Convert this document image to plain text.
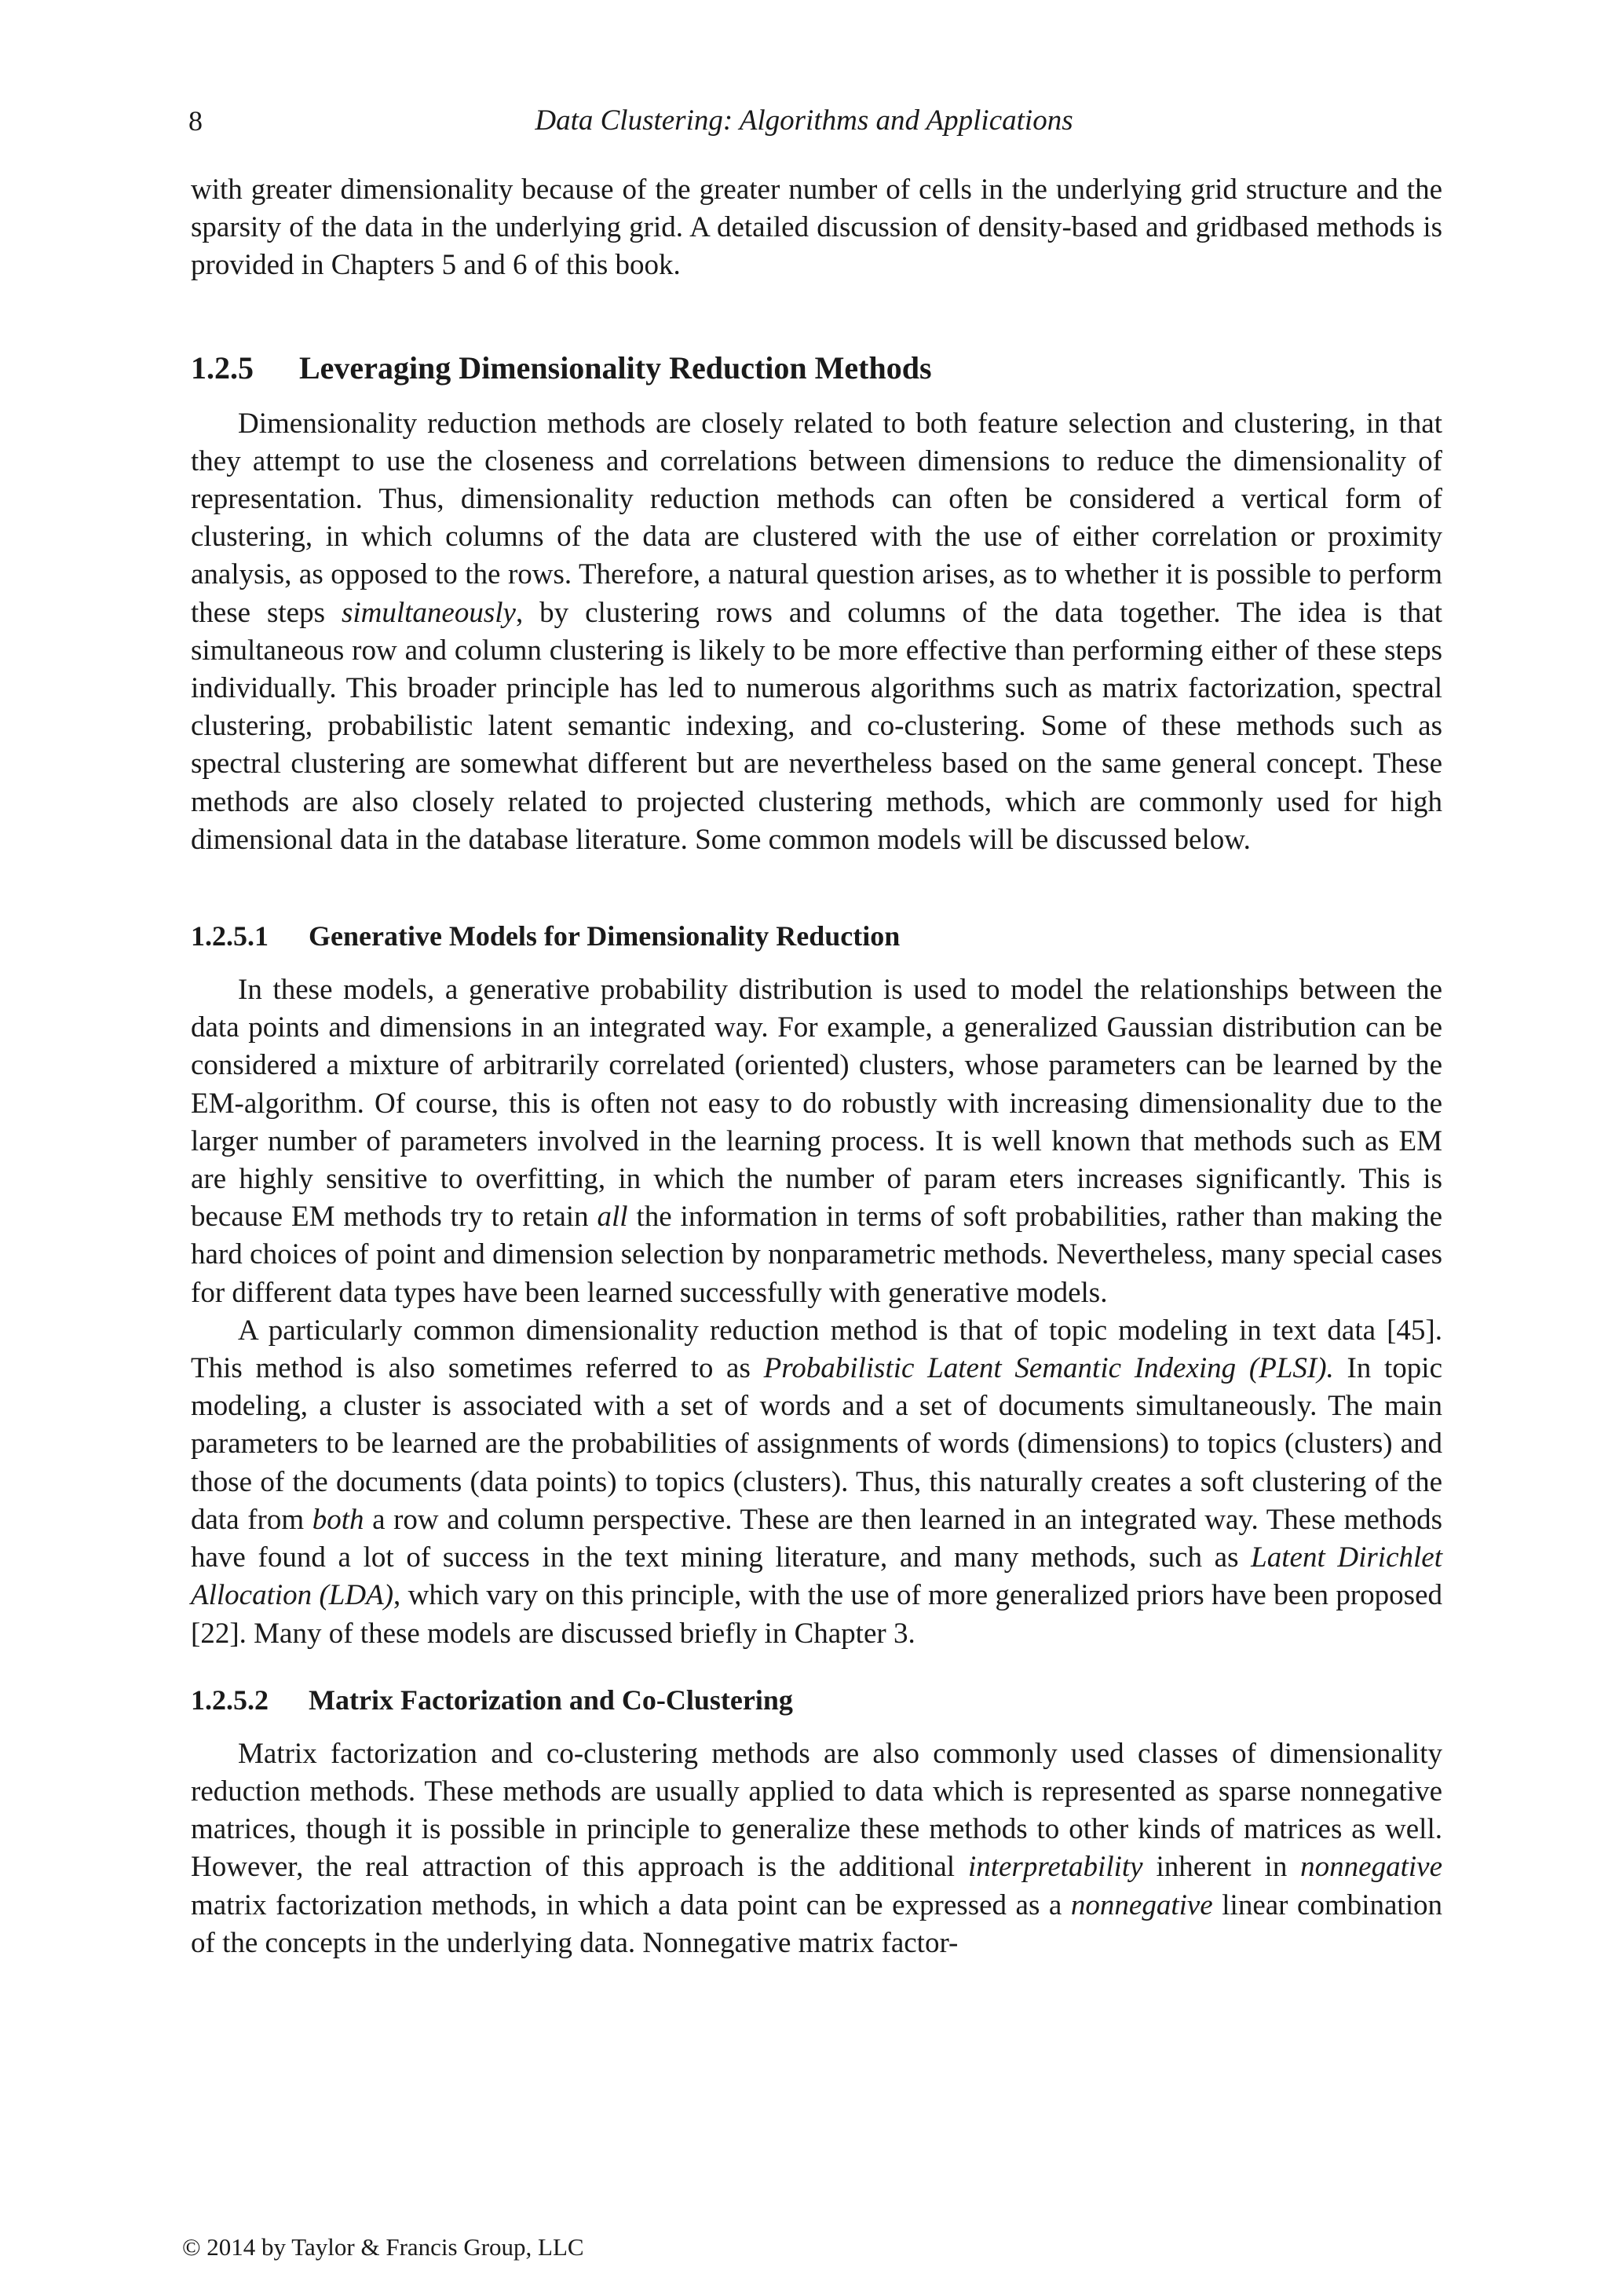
8	Data Clustering: Algorithms and Applications

with greater dimensionality because of the greater number of cells in the underlying grid structure and the sparsity of the data in the underlying grid. A detailed discussion of density-based and gridbased methods is provided in Chapters 5 and 6 of this book.

1.2.5 Leveraging Dimensionality Reduction Methods

Dimensionality reduction methods are closely related to both feature selection and clustering, in that they attempt to use the closeness and correlations between dimensions to reduce the dimensionality of representation. Thus, dimensionality reduction methods can often be considered a vertical form of clustering, in which columns of the data are clustered with the use of either correlation or proximity analysis, as opposed to the rows. Therefore, a natural question arises, as to whether it is possible to perform these steps simultaneously, by clustering rows and columns of the data together. The idea is that simultaneous row and column clustering is likely to be more effective than performing either of these steps individually. This broader principle has led to numerous algorithms such as matrix factorization, spectral clustering, probabilistic latent semantic indexing, and co-clustering. Some of these methods such as spectral clustering are somewhat different but are nevertheless based on the same general concept. These methods are also closely related to projected clustering methods, which are commonly used for high dimensional data in the database literature. Some common models will be discussed below.

1.2.5.1 Generative Models for Dimensionality Reduction

In these models, a generative probability distribution is used to model the relationships between the data points and dimensions in an integrated way. For example, a generalized Gaussian distribution can be considered a mixture of arbitrarily correlated (oriented) clusters, whose parameters can be learned by the EM-algorithm. Of course, this is often not easy to do robustly with increasing dimensionality due to the larger number of parameters involved in the learning process. It is well known that methods such as EM are highly sensitive to overfitting, in which the number of param eters increases significantly. This is because EM methods try to retain all the information in terms of soft probabilities, rather than making the hard choices of point and dimension selection by nonparametric methods. Nevertheless, many special cases for different data types have been learned successfully with generative models.

A particularly common dimensionality reduction method is that of topic modeling in text data [45]. This method is also sometimes referred to as Probabilistic Latent Semantic Indexing (PLSI). In topic modeling, a cluster is associated with a set of words and a set of documents simultaneously. The main parameters to be learned are the probabilities of assignments of words (dimensions) to topics (clusters) and those of the documents (data points) to topics (clusters). Thus, this naturally creates a soft clustering of the data from both a row and column perspective. These are then learned in an integrated way. These methods have found a lot of success in the text mining literature, and many methods, such as Latent Dirichlet Allocation (LDA), which vary on this principle, with the use of more generalized priors have been proposed [22]. Many of these models are discussed briefly in Chapter 3.

1.2.5.2 Matrix Factorization and Co-Clustering

Matrix factorization and co-clustering methods are also commonly used classes of dimensionality reduction methods. These methods are usually applied to data which is represented as sparse nonnegative matrices, though it is possible in principle to generalize these methods to other kinds of matrices as well. However, the real attraction of this approach is the additional interpretability inherent in nonnegative matrix factorization methods, in which a data point can be expressed as a nonnegative linear combination of the concepts in the underlying data. Nonnegative matrix factor-

© 2014 by Taylor & Francis Group, LLC
